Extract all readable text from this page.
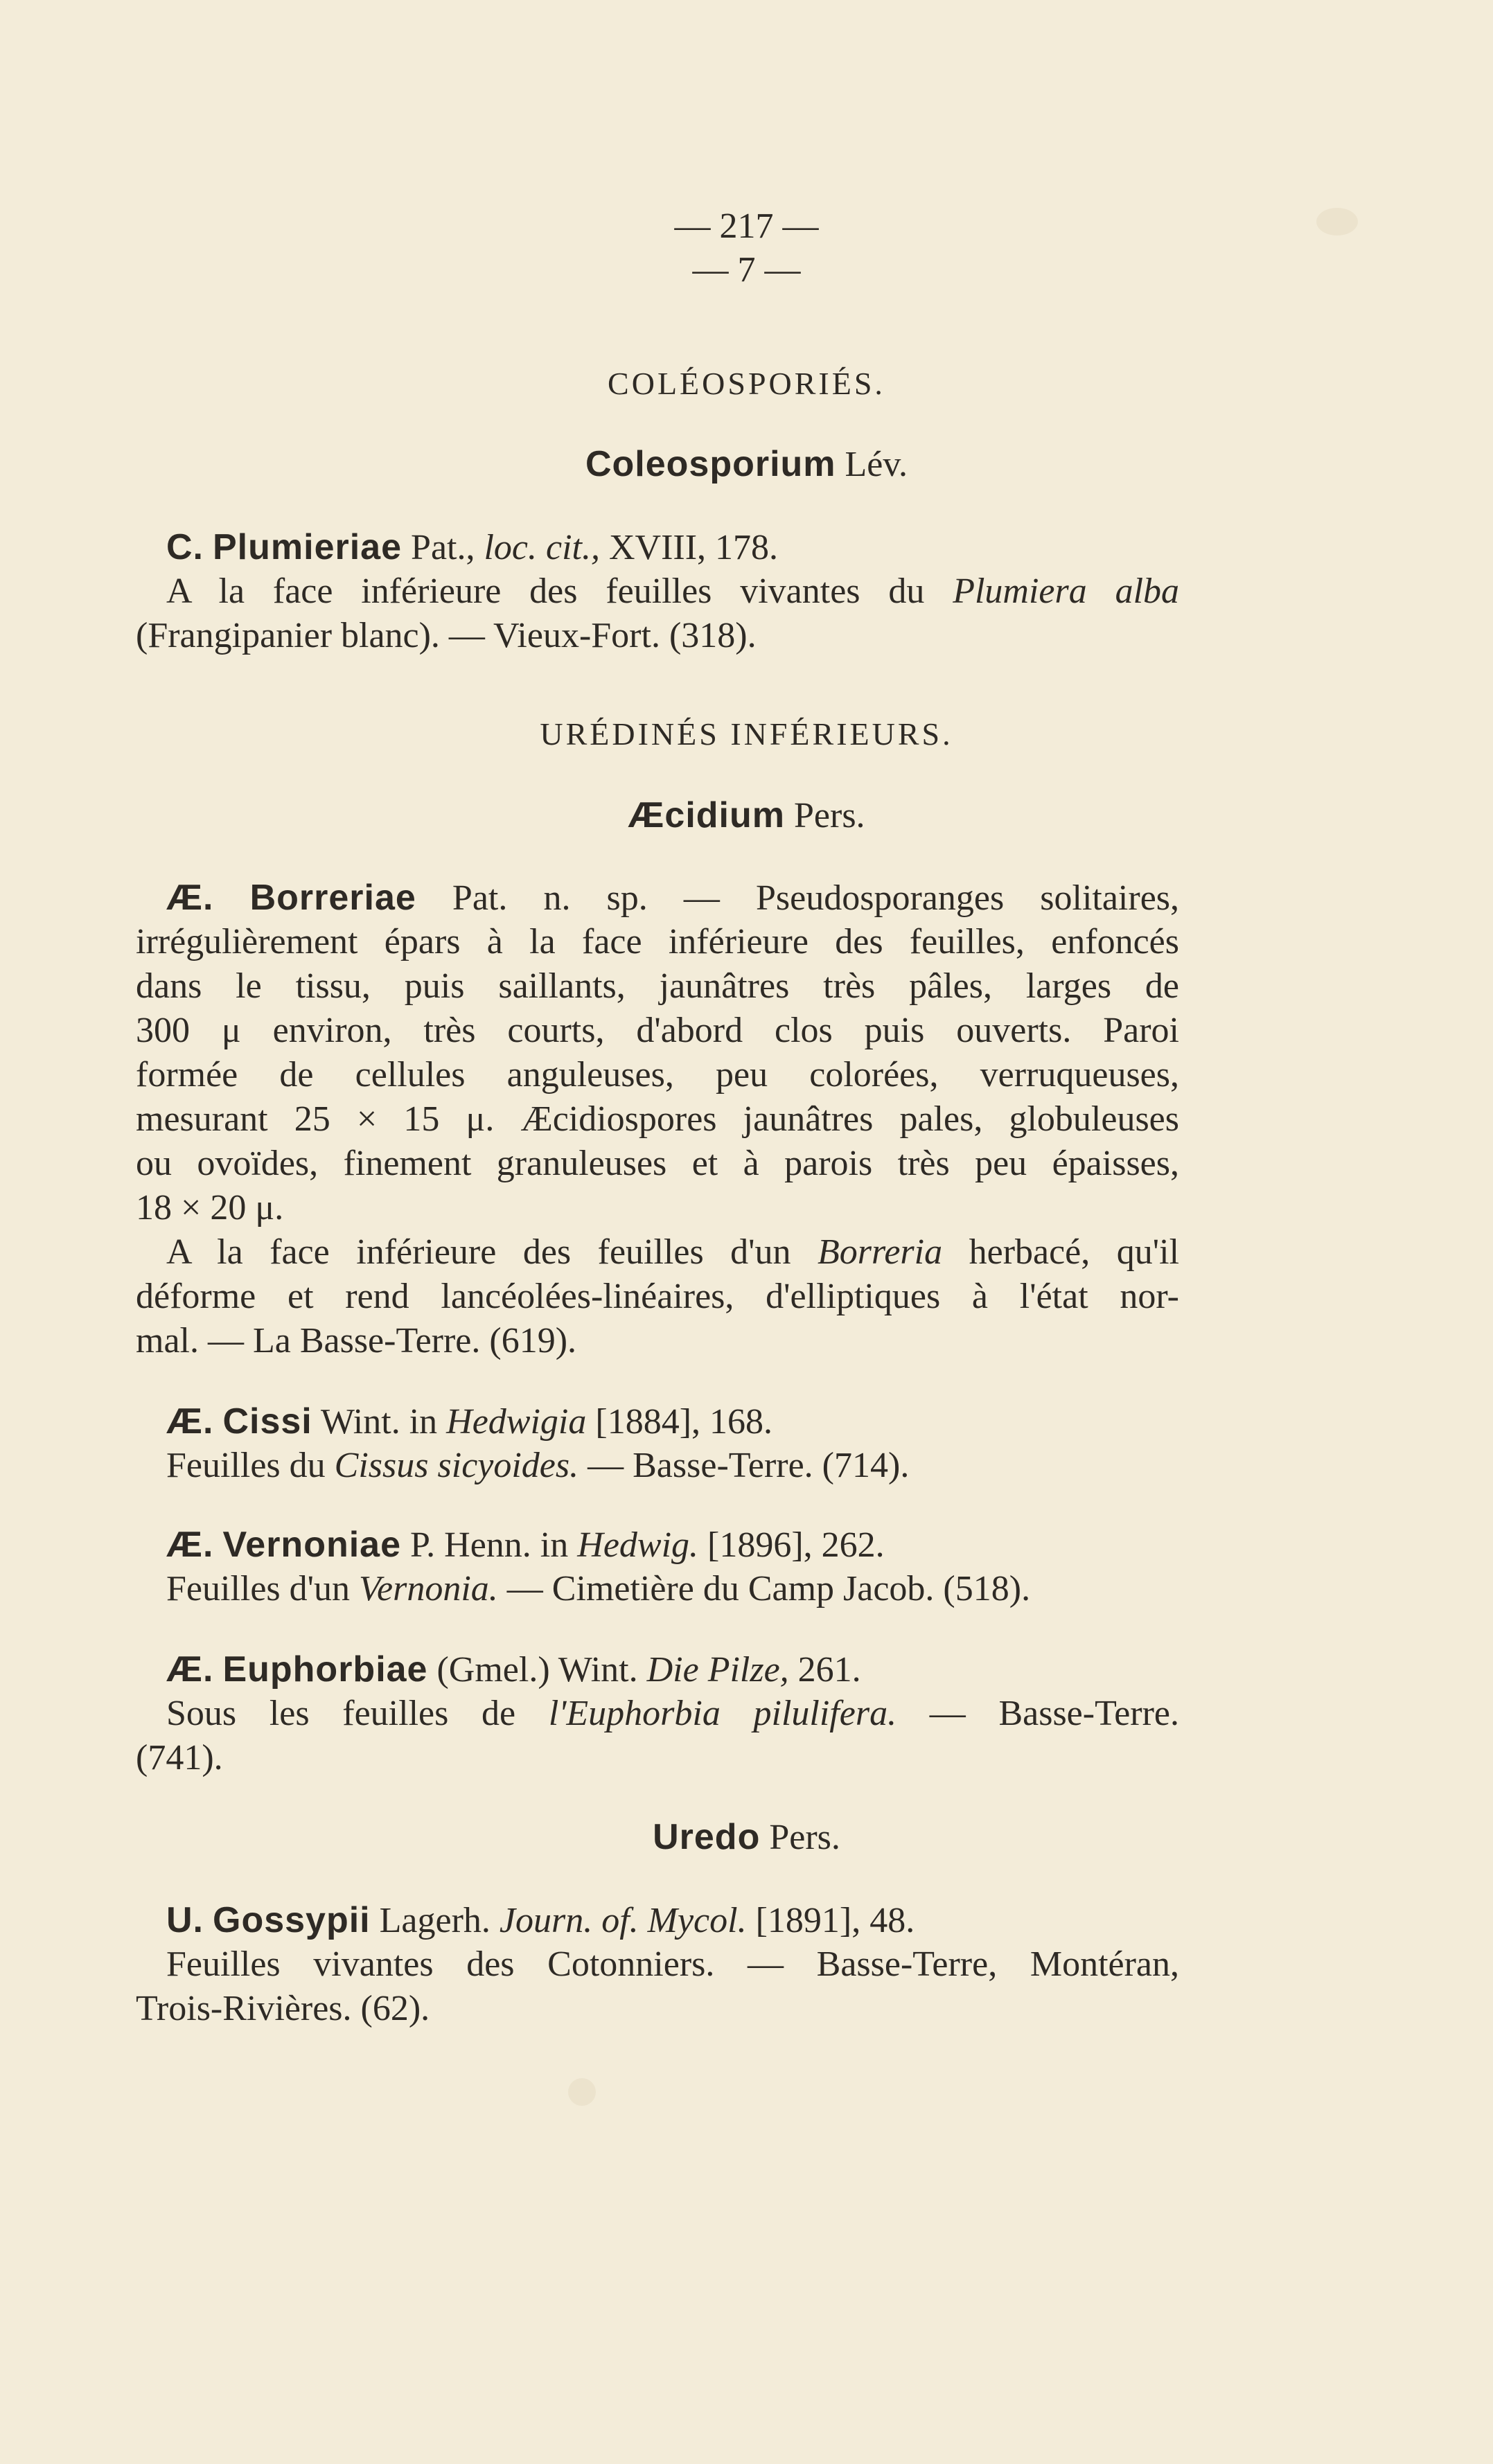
— 217 —
— 7 —
COLÉOSPORIÉS.
Coleosporium Lév.
C. Plumieriae Pat., loc. cit., XVIII, 178.
A la face inférieure des feuilles vivantes du Plumiera alba
(Frangipanier blanc). — Vieux-Fort. (318).
URÉDINÉS INFÉRIEURS.
Æcidium Pers.
Æ. Borreriae Pat. n. sp. — Pseudosporanges solitaires,
irrégulièrement épars à la face inférieure des feuilles, enfoncés
dans le tissu, puis saillants, jaunâtres très pâles, larges de
300 μ environ, très courts, d'abord clos puis ouverts. Paroi
formée de cellules anguleuses, peu colorées, verruqueuses,
mesurant 25 × 15 μ. Æcidiospores jaunâtres pales, globuleuses
ou ovoïdes, finement granuleuses et à parois très peu épaisses,
18 × 20 μ.
A la face inférieure des feuilles d'un Borreria herbacé, qu'il
déforme et rend lancéolées-linéaires, d'elliptiques à l'état nor-
mal. — La Basse-Terre. (619).
Æ. Cissi Wint. in Hedwigia [1884], 168.
Feuilles du Cissus sicyoides. — Basse-Terre. (714).
Æ. Vernoniae P. Henn. in Hedwig. [1896], 262.
Feuilles d'un Vernonia. — Cimetière du Camp Jacob. (518).
Æ. Euphorbiae (Gmel.) Wint. Die Pilze, 261.
Sous les feuilles de l'Euphorbia pilulifera. — Basse-Terre.
(741).
Uredo Pers.
U. Gossypii Lagerh. Journ. of. Mycol. [1891], 48.
Feuilles vivantes des Cotonniers. — Basse-Terre, Montéran,
Trois-Rivières. (62).
